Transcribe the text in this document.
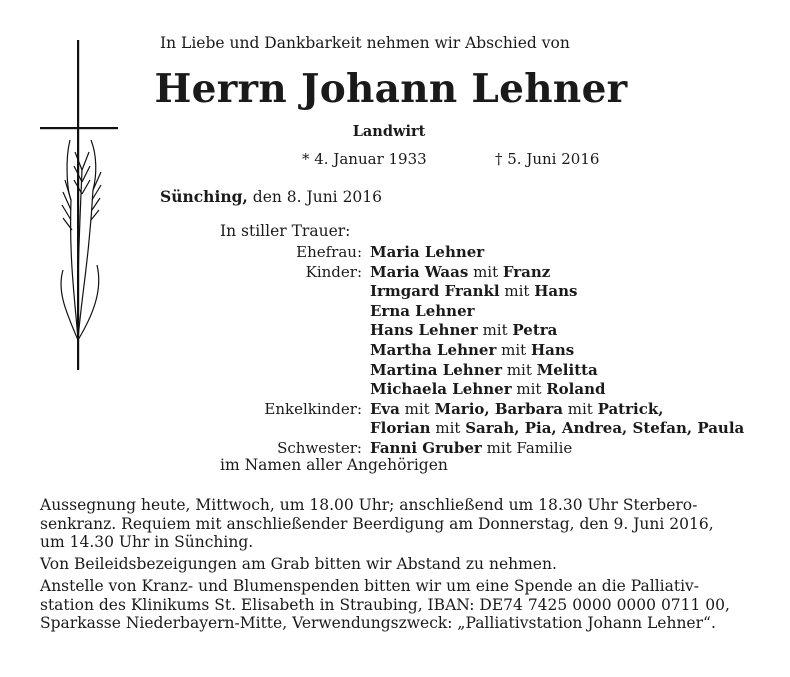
In Liebe und Dankbarkeit nehmen wir Abschied von
Herrn Johann Lehner
Landwirt
* 4. Januar 1933	† 5. Juni 2016
Sünching, den 8. Juni 2016
In stiller Trauer:
Ehefrau: Maria Lehner
Kinder: Maria Waas mit Franz
Irmgard Frankl mit Hans
Erna Lehner
Hans Lehner mit Petra
Martha Lehner mit Hans
Martina Lehner mit Melitta
Michaela Lehner mit Roland
Enkelkinder: Eva mit Mario, Barbara mit Patrick,
Florian mit Sarah, Pia, Andrea, Stefan, Paula
Schwester: Fanni Gruber mit Familie
im Namen aller Angehörigen
Aussegnung heute, Mittwoch, um 18.00 Uhr; anschließend um 18.30 Uhr Sterbero-
senkranz. Requiem mit anschließender Beerdigung am Donnerstag, den 9. Juni 2016,
um 14.30 Uhr in Sünching.
Von Beileidsbezeigungen am Grab bitten wir Abstand zu nehmen.
Anstelle von Kranz- und Blumenspenden bitten wir um eine Spende an die Palliativ-
station des Klinikums St. Elisabeth in Straubing, IBAN: DE74 7425 0000 0000 0711 00,
Sparkasse Niederbayern-Mitte, Verwendungszweck: „Palliativstation Johann Lehner“.
